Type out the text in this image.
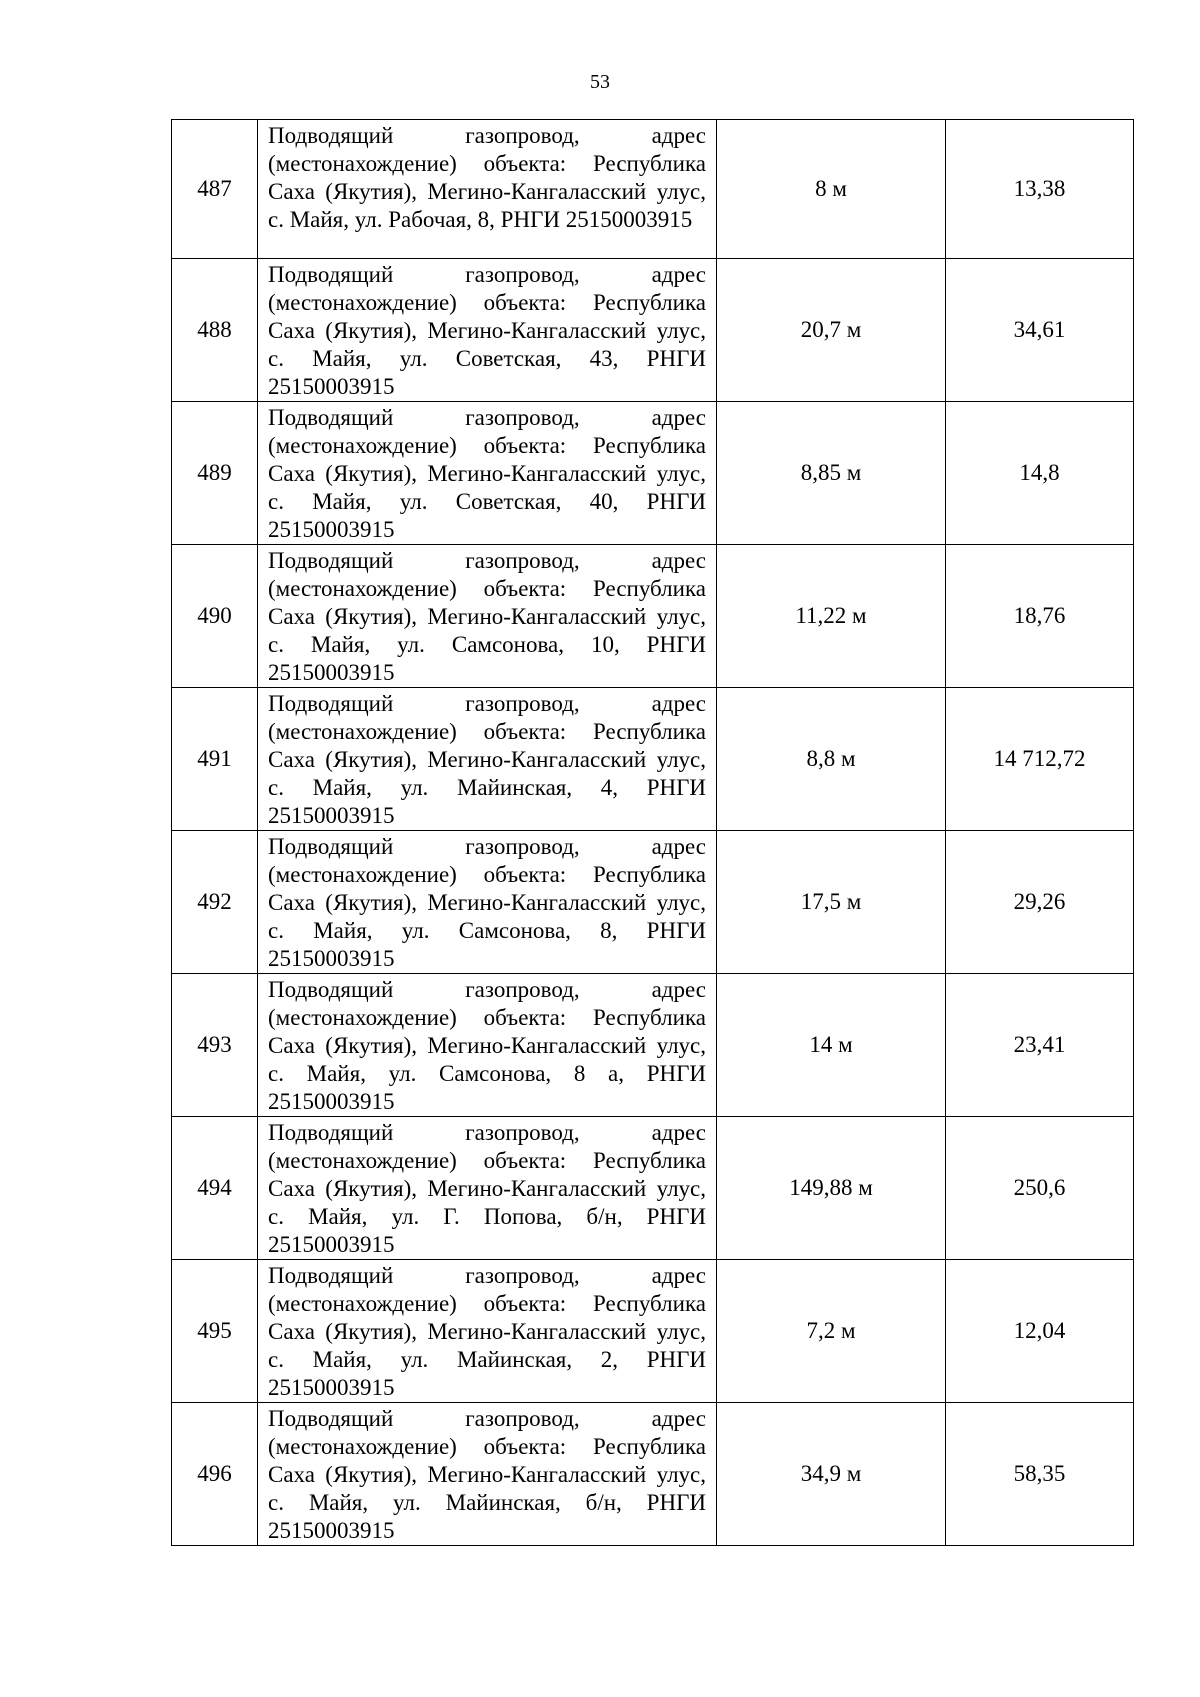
53
487	Подводящий газопровод, адрес (местонахождение) объекта: Республика Саха (Якутия), Мегино-Кангаласский улус, с. Майя, ул. Рабочая, 8, РНГИ 25150003915	8 м	13,38
488	Подводящий газопровод, адрес (местонахождение) объекта: Республика Саха (Якутия), Мегино-Кангаласский улус, с. Майя, ул. Советская, 43, РНГИ 25150003915	20,7 м	34,61
489	Подводящий газопровод, адрес (местонахождение) объекта: Республика Саха (Якутия), Мегино-Кангаласский улус, с. Майя, ул. Советская, 40, РНГИ 25150003915	8,85 м	14,8
490	Подводящий газопровод, адрес (местонахождение) объекта: Республика Саха (Якутия), Мегино-Кангаласский улус, с. Майя, ул. Самсонова, 10, РНГИ 25150003915	11,22 м	18,76
491	Подводящий газопровод, адрес (местонахождение) объекта: Республика Саха (Якутия), Мегино-Кангаласский улус, с. Майя, ул. Майинская, 4, РНГИ 25150003915	8,8 м	14 712,72
492	Подводящий газопровод, адрес (местонахождение) объекта: Республика Саха (Якутия), Мегино-Кангаласский улус, с. Майя, ул. Самсонова, 8, РНГИ 25150003915	17,5 м	29,26
493	Подводящий газопровод, адрес (местонахождение) объекта: Республика Саха (Якутия), Мегино-Кангаласский улус, с. Майя, ул. Самсонова, 8 а, РНГИ 25150003915	14 м	23,41
494	Подводящий газопровод, адрес (местонахождение) объекта: Республика Саха (Якутия), Мегино-Кангаласский улус, с. Майя, ул. Г. Попова, б/н, РНГИ 25150003915	149,88 м	250,6
495	Подводящий газопровод, адрес (местонахождение) объекта: Республика Саха (Якутия), Мегино-Кангаласский улус, с. Майя, ул. Майинская, 2, РНГИ 25150003915	7,2 м	12,04
496	Подводящий газопровод, адрес (местонахождение) объекта: Республика Саха (Якутия), Мегино-Кангаласский улус, с. Майя, ул. Майинская, б/н, РНГИ 25150003915	34,9 м	58,35
